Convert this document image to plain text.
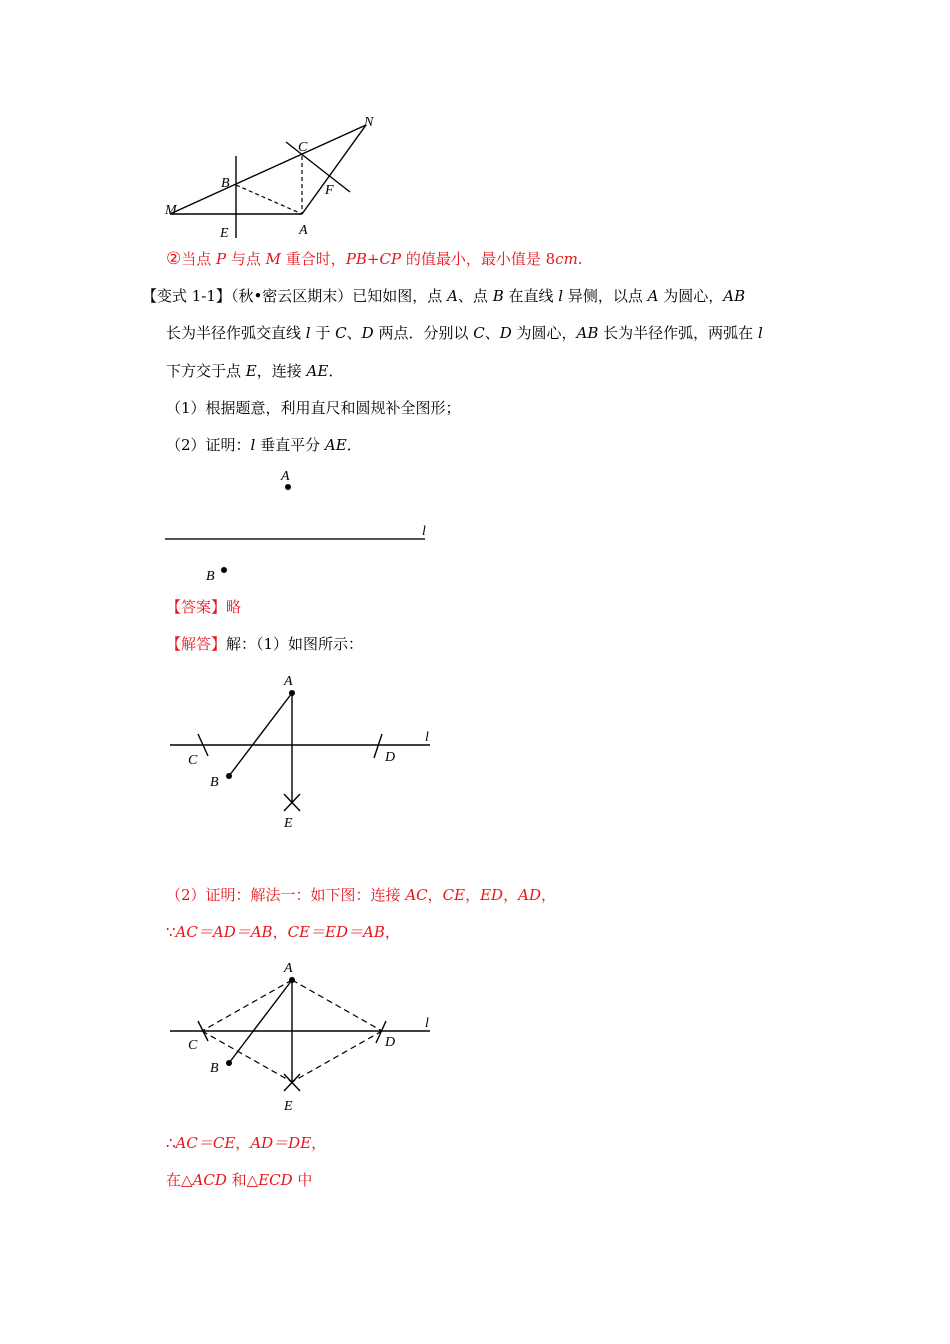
N
C
B	F
M
E	A
②当点 P 与点 M 重合时，PB+CP 的值最小，最小值是 8cm.
【变式 1-1】（秋•密云区期末）已知如图，点 A、点 B 在直线 l 异侧，以点 A 为圆心，AB
长为半径作弧交直线 l 于 C、D 两点．分别以 C、D 为圆心，AB 长为半径作弧，两弧在 l
下方交于点 E，连接 AE．
（1）根据题意，利用直尺和圆规补全图形；
（2）证明：l 垂直平分 AE．
A
l
B
【答案】略
【解答】解：（1）如图所示：
A
l
C	D
B
E
（2）证明：解法一：如下图：连接 AC，CE，ED，AD，
∵AC＝AD＝AB，CE＝ED＝AB，
A
l
C	D
B
E
∴AC＝CE，AD＝DE，
在△ACD 和△ECD 中
